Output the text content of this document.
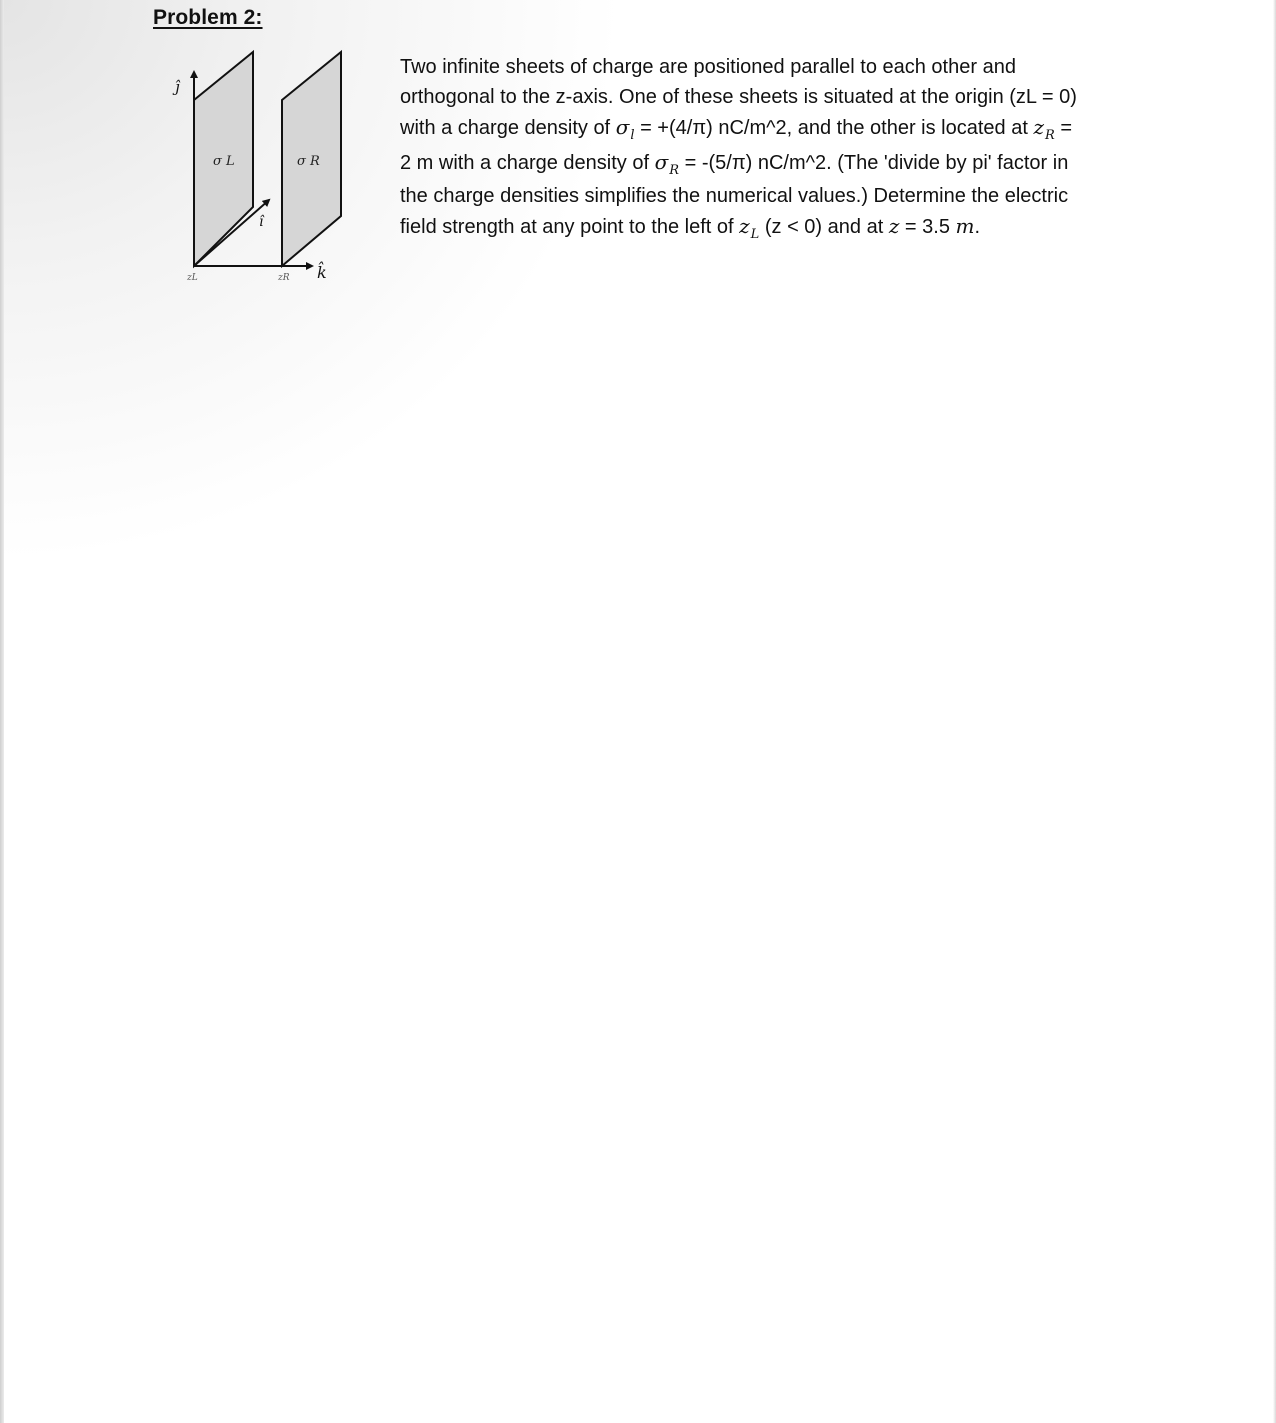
Problem 2:
σ L	σ R
ĵ
î
k̂
zL	zR
Two infinite sheets of charge are positioned parallel to each other and
orthogonal to the z-axis. One of these sheets is situated at the origin (zL = 0)
with a charge density of $\sigma_l = +(4/\pi)$ nC/m^2, and the other is located at $z_R$ =
2 m with a charge density of $\sigma_R = -(5/\pi)$ nC/m^2. (The 'divide by pi' factor in
the charge densities simplifies the numerical values.) Determine the electric
field strength at any point to the left of $z_L$ (z < 0) and at z = 3.5 m.
